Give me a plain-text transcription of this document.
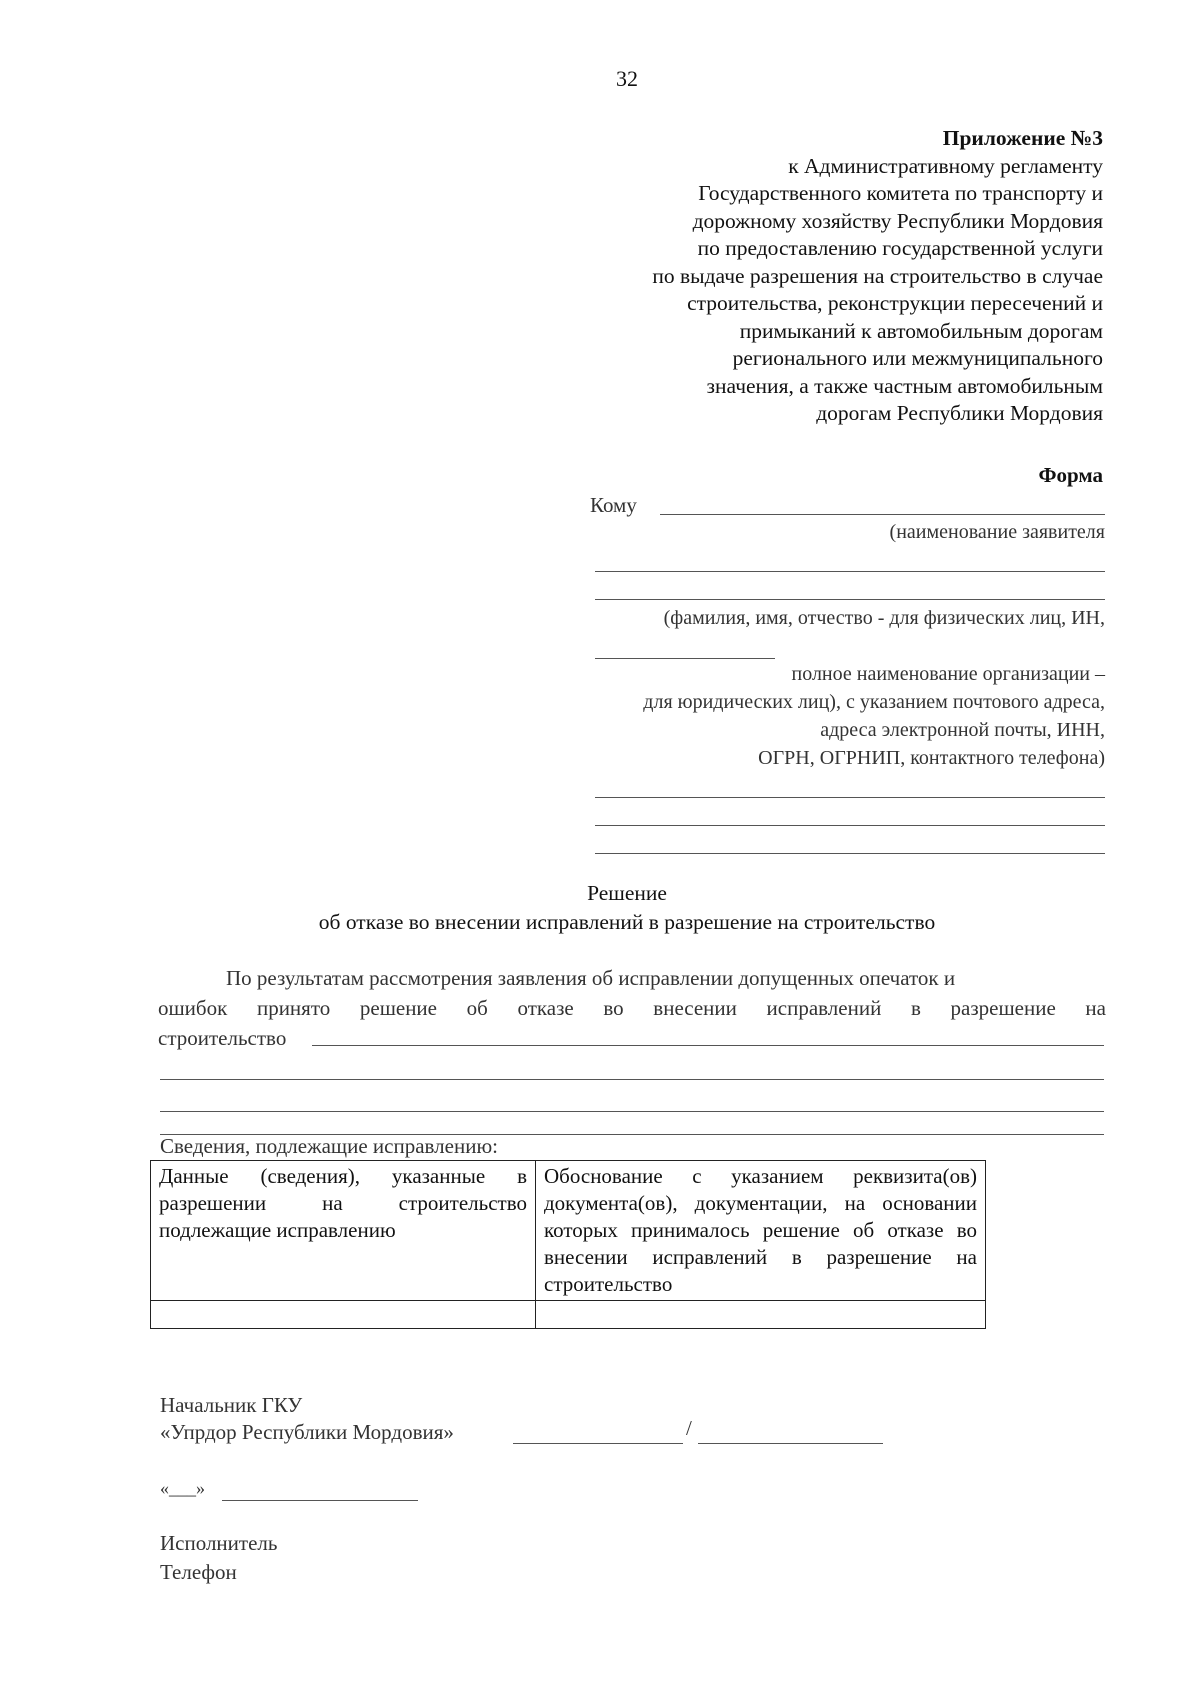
32
Приложение №3
к Административному регламенту
Государственного комитета по транспорту и
дорожному хозяйству Республики Мордовия
по предоставлению государственной услуги
по выдаче разрешения на строительство в случае
строительства, реконструкции пересечений и
примыканий к автомобильным дорогам
регионального или межмуниципального
значения, а также частным автомобильным
дорогам Республики Мордовия
Форма
Кому
(наименование заявителя
(фамилия, имя, отчество - для физических лиц, ИН,
полное наименование организации –
для юридических лиц), с указанием почтового адреса,
адреса электронной почты, ИНН,
ОГРН, ОГРНИП, контактного телефона)
Решение
об отказе во внесении исправлений в разрешение на строительство
По результатам рассмотрения заявления об исправлении допущенных опечаток и
ошибок принято решение об отказе во внесении исправлений в разрешение на
строительство
Сведения, подлежащие исправлению:
Данные (сведения), указанные в разрешении на строительство подлежащие исправлению	Обоснование с указанием реквизита(ов) документа(ов), документации, на основании которых принималось решение об отказе во внесении исправлений в разрешение на строительство

Начальник ГКУ
«Упрдор Республики Мордовия»	/
«___»
Исполнитель
Телефон
